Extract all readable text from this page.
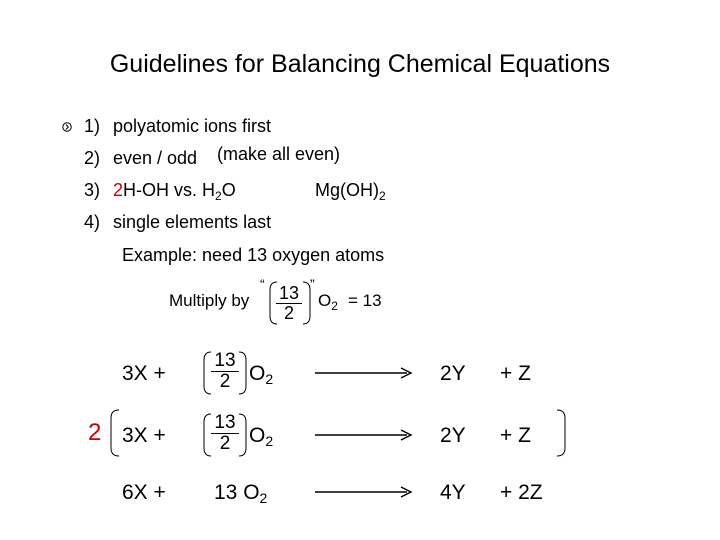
Guidelines for Balancing Chemical Equations
1) polyatomic ions first
2) even / odd (make all even)
3) 2H-OH vs. $H_2O$	$Mg(OH)_2$
4) single elements last
Example: need 13 oxygen atoms
Multiply by
“ $\frac{13}{2}$ ”
$O_2 = 13$
$3X + \frac{13}{2} O_2$	2Y + Z
2 $3X + \frac{13}{2} O_2$	2Y + Z
6X + 13 $O_2$	4Y + 2Z
